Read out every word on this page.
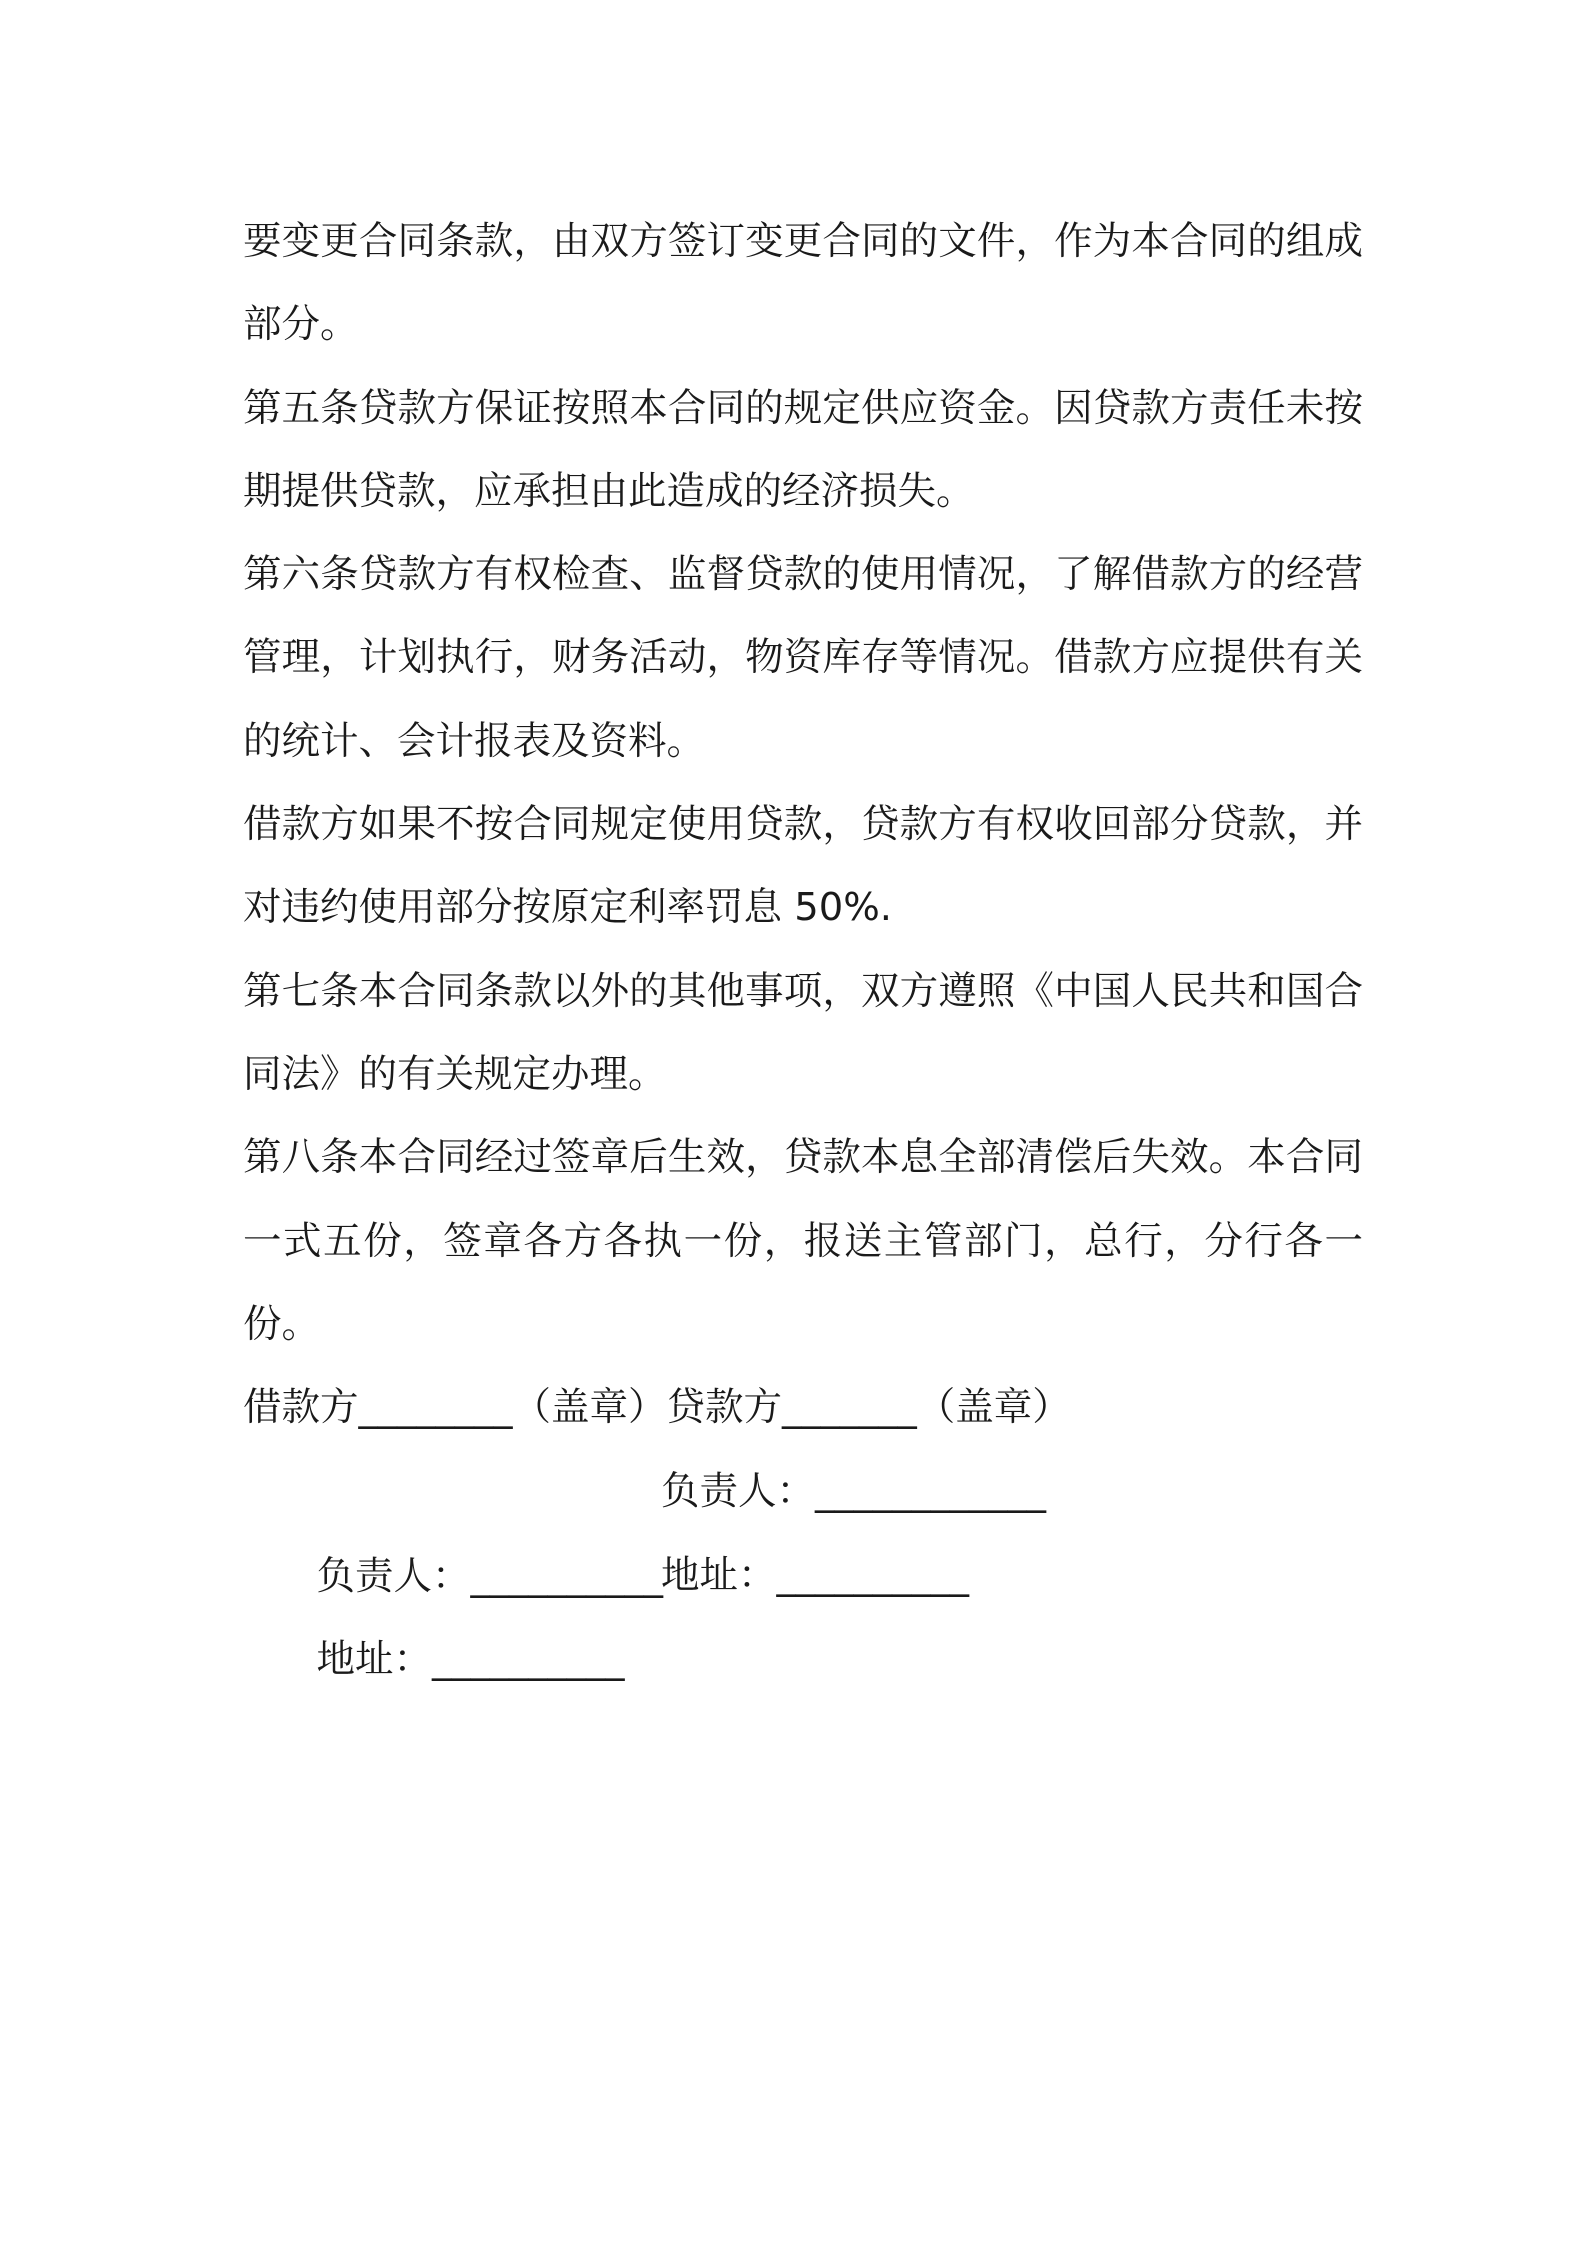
要变更合同条款，由双方签订变更合同的文件，作为本合同的组成部分。

第五条贷款方保证按照本合同的规定供应资金。因贷款方责任未按期提供贷款，应承担由此造成的经济损失。

第六条贷款方有权检查、监督贷款的使用情况，了解借款方的经营管理，计划执行，财务活动，物资库存等情况。借款方应提供有关的统计、会计报表及资料。

借款方如果不按合同规定使用贷款，贷款方有权收回部分贷款，并对违约使用部分按原定利率罚息 50%.

第七条本合同条款以外的其他事项，双方遵照《中国人民共和国合同法》的有关规定办理。

第八条本合同经过签章后生效，贷款本息全部清偿后失效。本合同一式五份，签章各方各执一份，报送主管部门，总行，分行各一份。

借款方________（盖章）贷款方_______（盖章）

负责人：__________

负责人：____________

地址：__________

地址：__________
